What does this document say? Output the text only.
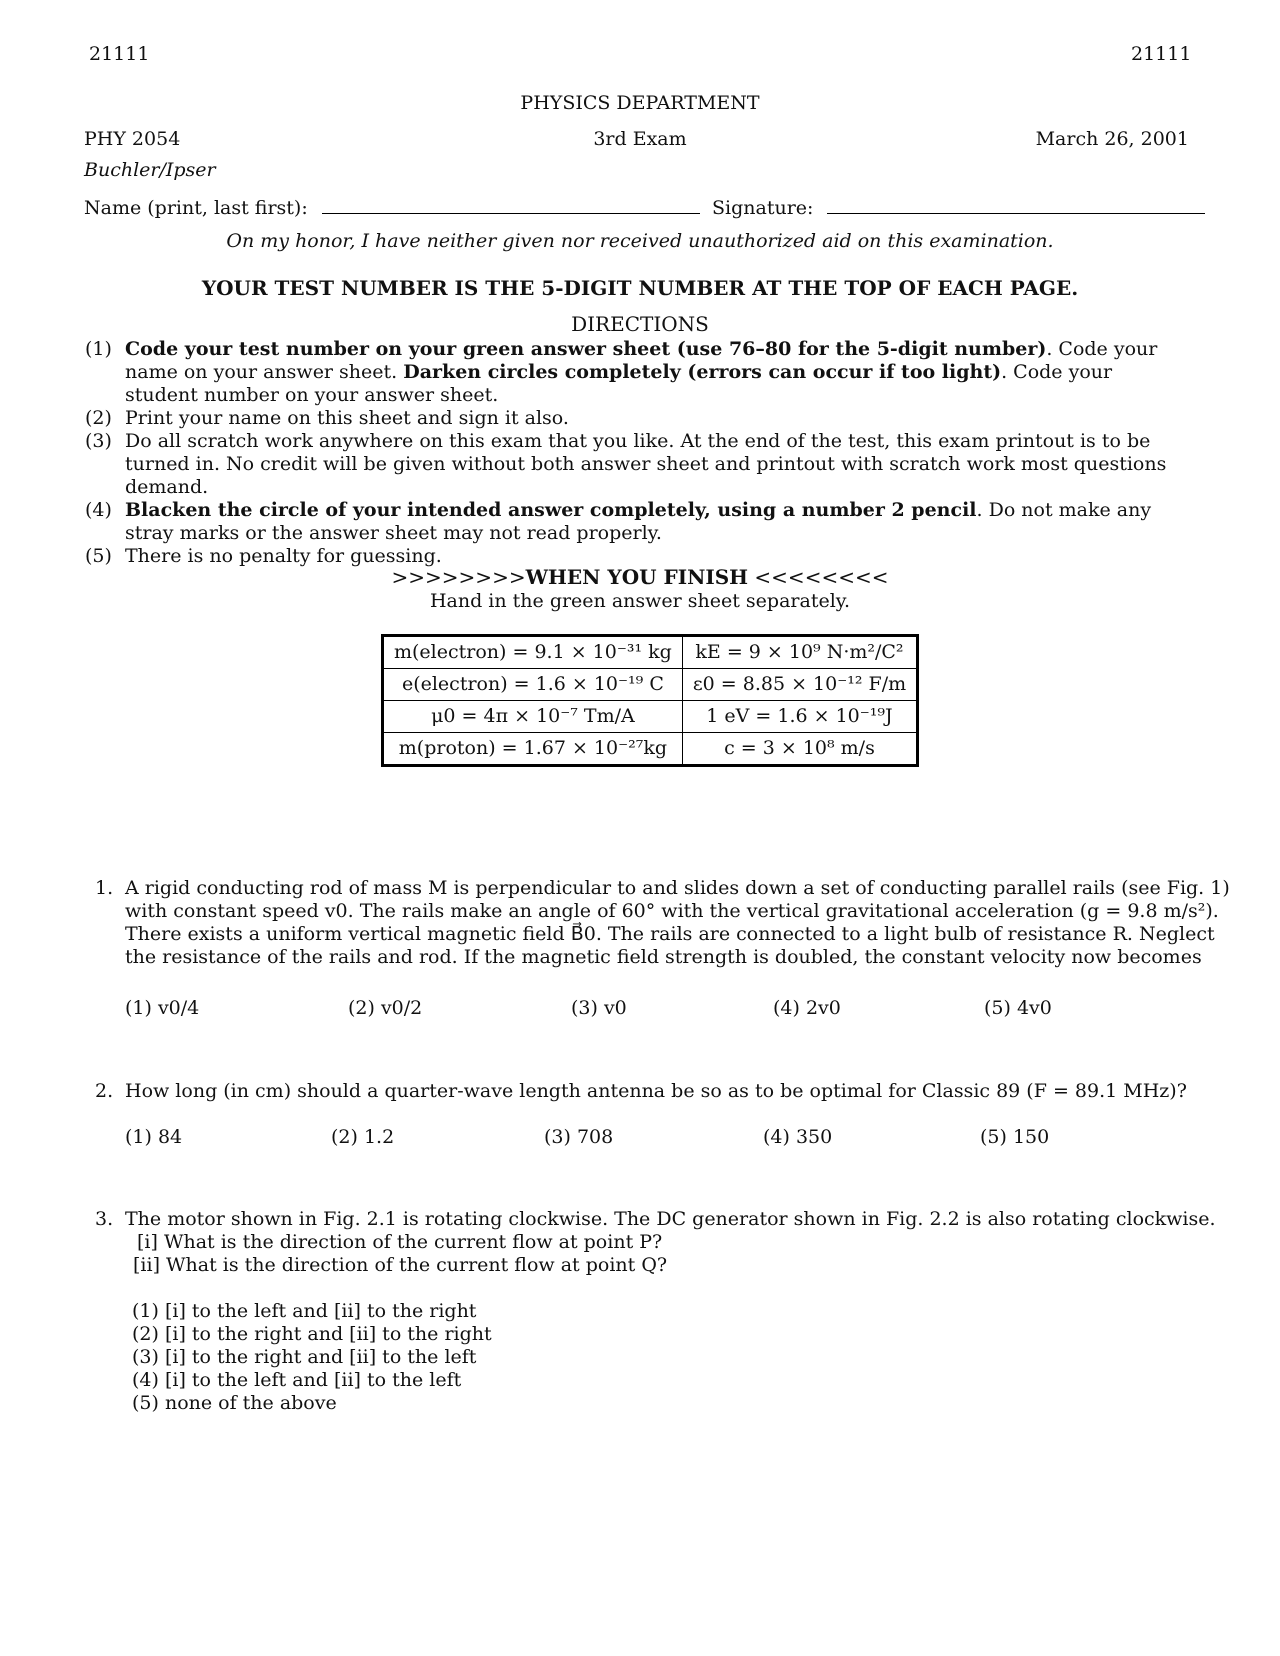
21111	21111
PHYSICS DEPARTMENT
PHY 2054	3rd Exam	March 26, 2001
Buchler/Ipser
Name (print, last first):	Signature:
On my honor, I have neither given nor received unauthorized aid on this examination.
YOUR TEST NUMBER IS THE 5-DIGIT NUMBER AT THE TOP OF EACH PAGE.
DIRECTIONS

(1) Code your test number on your green answer sheet (use 76–80 for the 5-digit number). Code your name on your answer sheet. Darken circles completely (errors can occur if too light). Code your student number on your answer sheet.

(2) Print your name on this sheet and sign it also.

(3) Do all scratch work anywhere on this exam that you like. At the end of the test, this exam printout is to be turned in. No credit will be given without both answer sheet and printout with scratch work most questions demand.

(4) Blacken the circle of your intended answer completely, using a number 2 pencil. Do not make any stray marks or the answer sheet may not read properly.

(5) There is no penalty for guessing.

>>>>>>>>WHEN YOU FINISH <<<<<<<<
Hand in the green answer sheet separately.
m(electron) = 9.1 × 10⁻³¹ kg	kE = 9 × 10⁹ N·m²/C²
e(electron) = 1.6 × 10⁻¹⁹ C	ε0 = 8.85 × 10⁻¹² F/m
μ0 = 4π × 10⁻⁷ Tm/A	1 eV = 1.6 × 10⁻¹⁹J
m(proton) = 1.67 × 10⁻²⁷kg	c = 3 × 10⁸ m/s
1. A rigid conducting rod of mass M is perpendicular to and slides down a set of conducting parallel rails (see Fig. 1)
with constant speed v0. The rails make an angle of 60° with the vertical gravitational acceleration (g = 9.8 m/s²).
There exists a uniform vertical magnetic field B⃗0. The rails are connected to a light bulb of resistance R. Neglect
the resistance of the rails and rod. If the magnetic field strength is doubled, the constant velocity now becomes
(1) v0/4	(2) v0/2	(3) v0	(4) 2v0	(5) 4v0
2. How long (in cm) should a quarter-wave length antenna be so as to be optimal for Classic 89 (F = 89.1 MHz)?
(1) 84	(2) 1.2	(3) 708	(4) 350	(5) 150
3. The motor shown in Fig. 2.1 is rotating clockwise. The DC generator shown in Fig. 2.2 is also rotating clockwise.
[i] What is the direction of the current flow at point P?
[ii] What is the direction of the current flow at point Q?
(1) [i] to the left and [ii] to the right
(2) [i] to the right and [ii] to the right
(3) [i] to the right and [ii] to the left
(4) [i] to the left and [ii] to the left
(5) none of the above
